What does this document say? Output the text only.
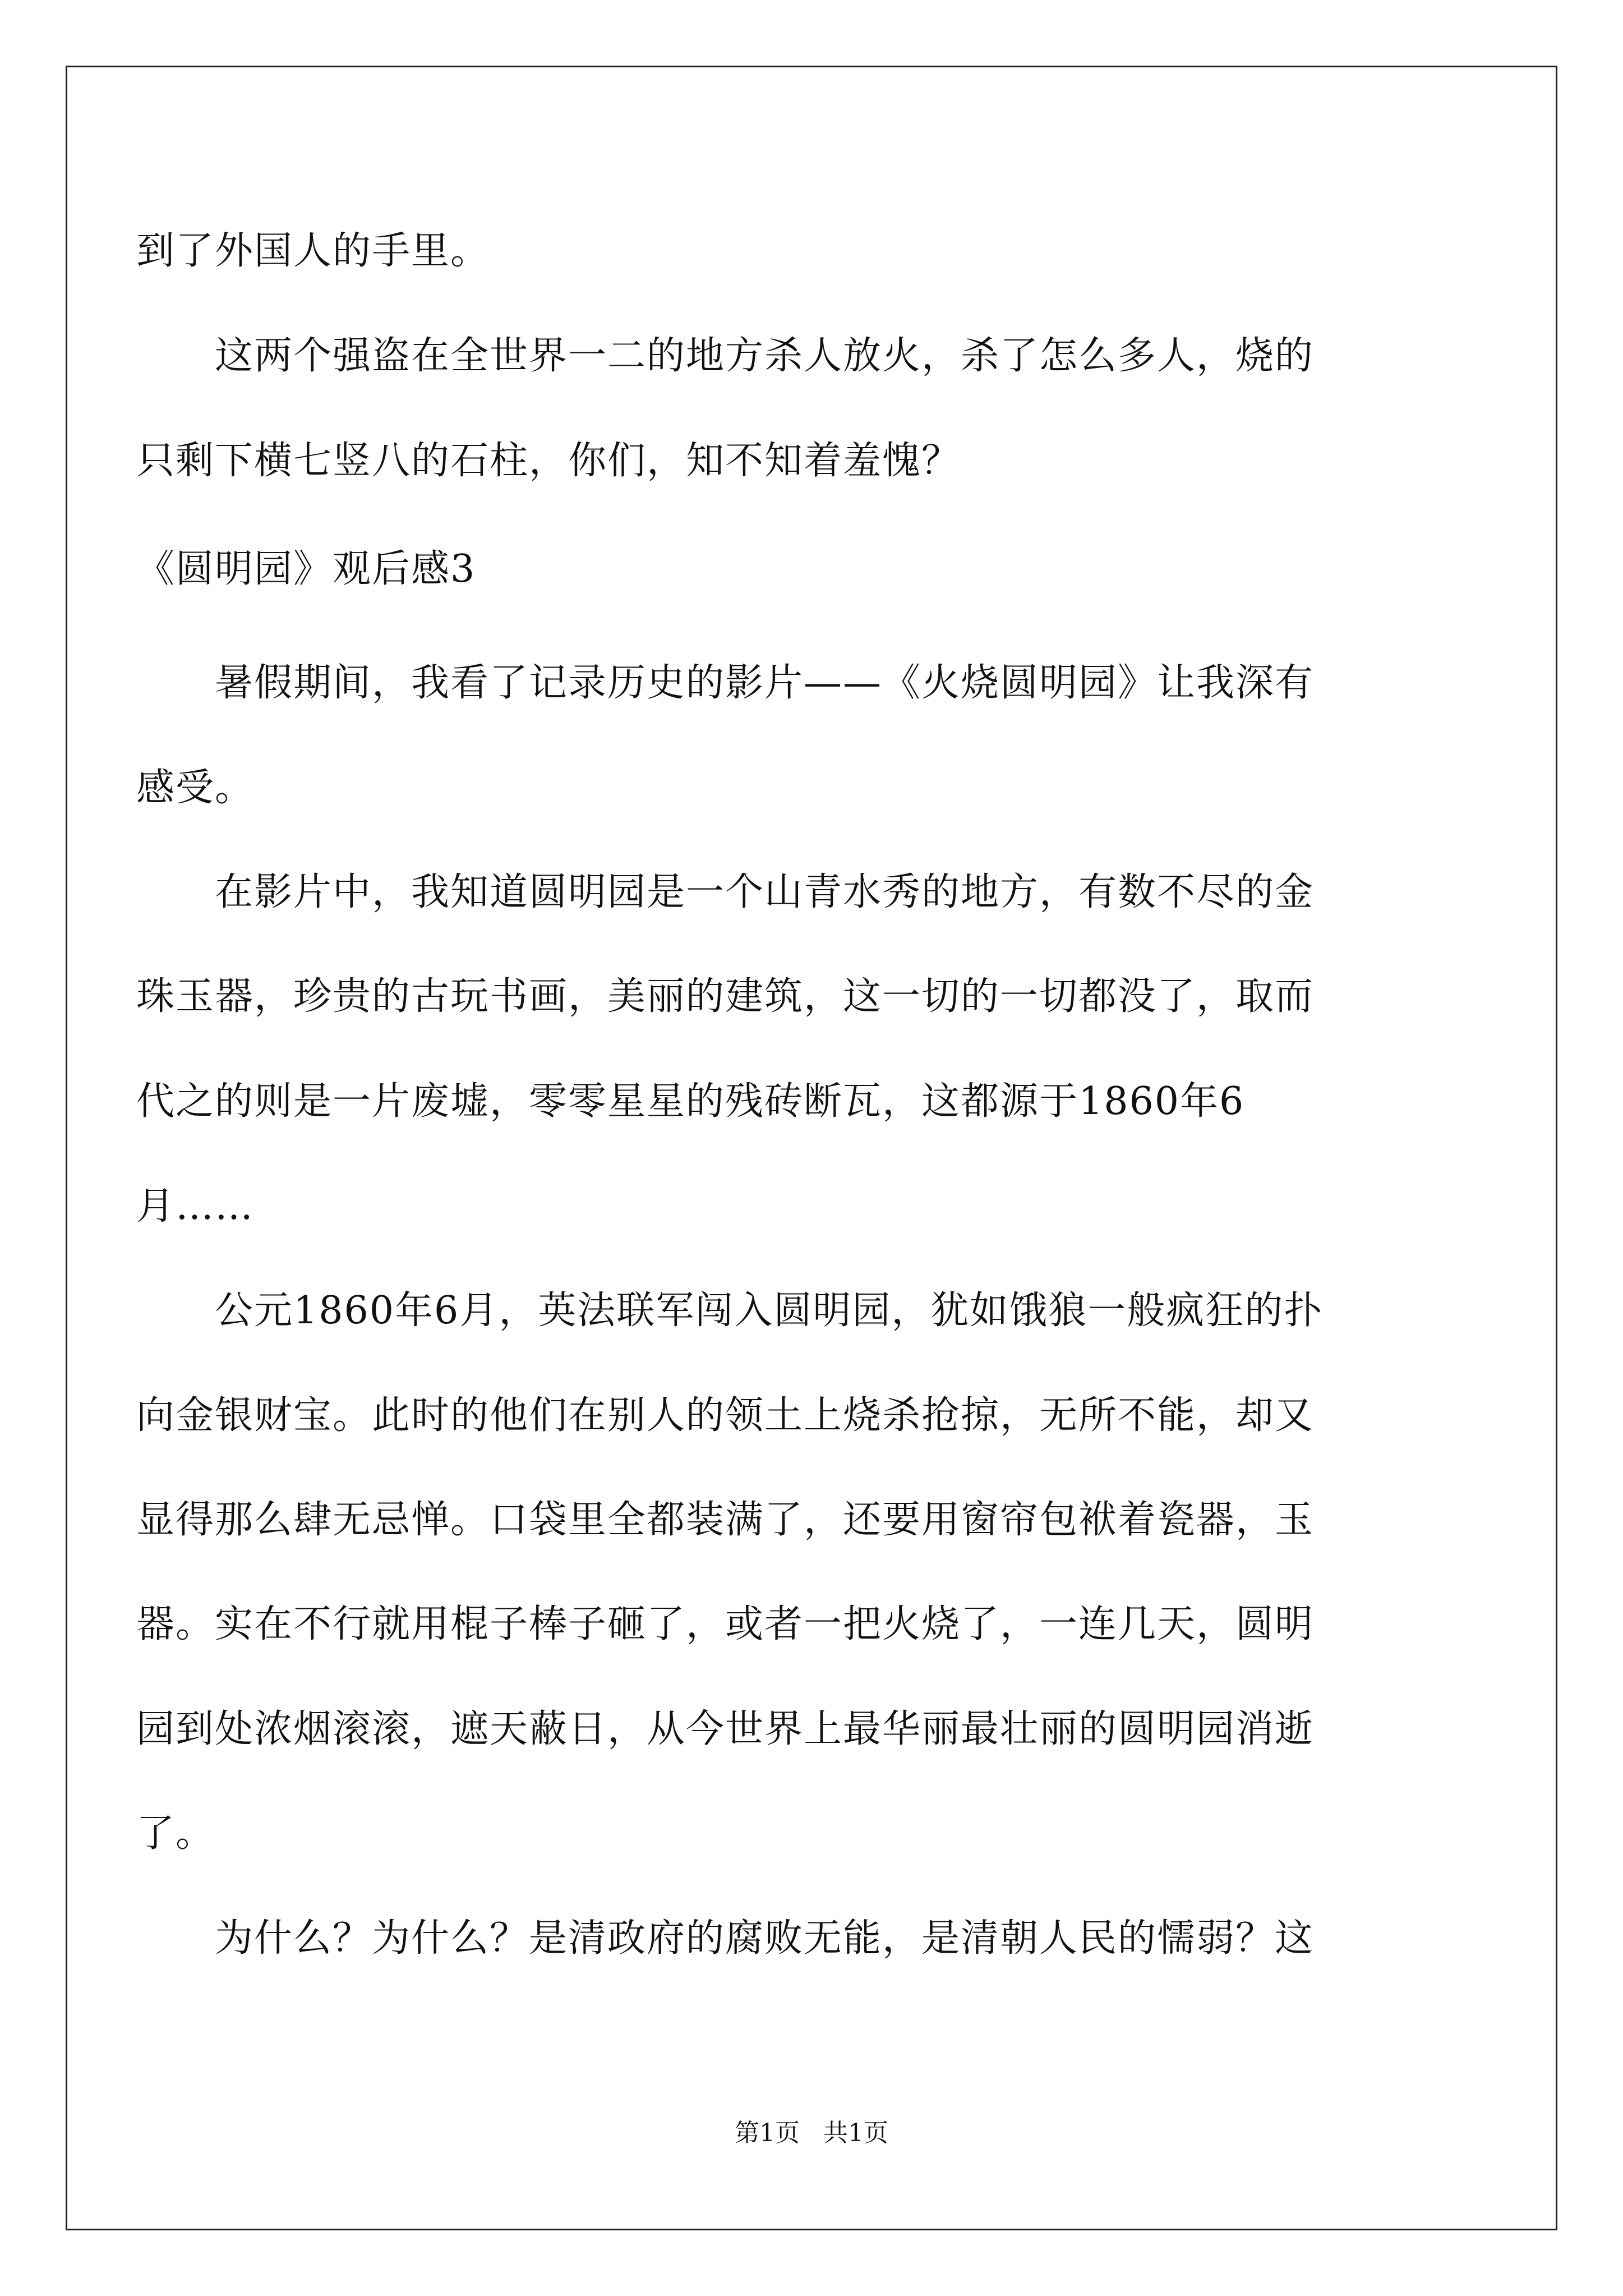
到了外国人的手里。
这两个强盗在全世界一二的地方杀人放火，杀了怎么多人，烧的
只剩下横七竖八的石柱，你们，知不知着羞愧？
《圆明园》观后感3
暑假期间，我看了记录历史的影片——《火烧圆明园》让我深有
感受。
在影片中，我知道圆明园是一个山青水秀的地方，有数不尽的金
珠玉器，珍贵的古玩书画，美丽的建筑，这一切的一切都没了，取而
代之的则是一片废墟，零零星星的残砖断瓦，这都源于1860年6
月……
公元1860年6月，英法联军闯入圆明园，犹如饿狼一般疯狂的扑
向金银财宝。此时的他们在别人的领土上烧杀抢掠，无所不能，却又
显得那么肆无忌惮。口袋里全都装满了，还要用窗帘包袱着瓷器，玉
器。实在不行就用棍子棒子砸了，或者一把火烧了，一连几天，圆明
园到处浓烟滚滚，遮天蔽日，从今世界上最华丽最壮丽的圆明园消逝
了。
为什么？为什么？是清政府的腐败无能，是清朝人民的懦弱？这
第1页   共1页
